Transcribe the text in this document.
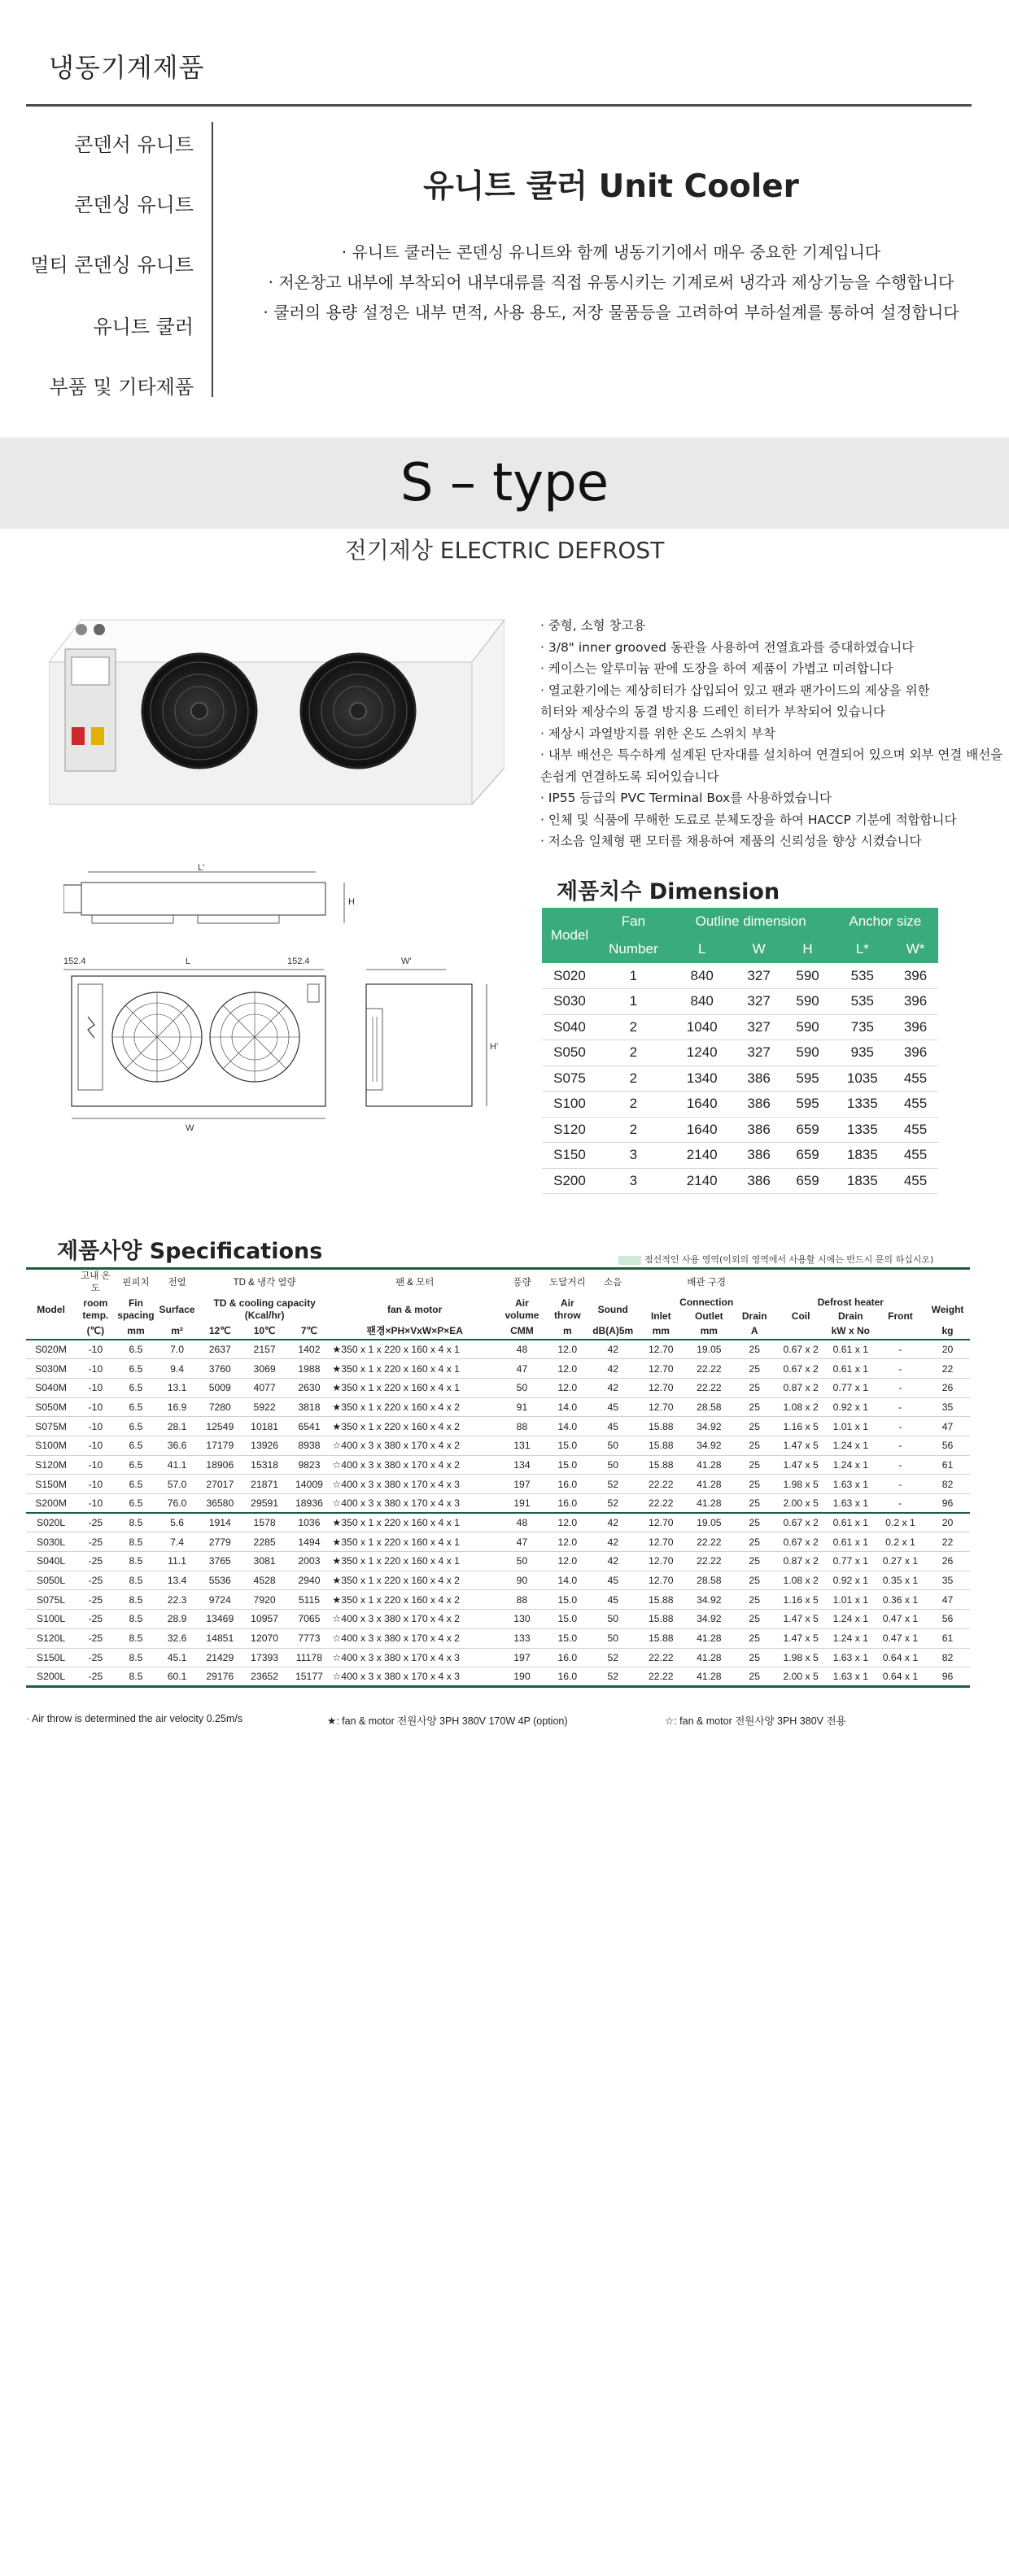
냉동기계제품
콘덴서 유니트
콘덴싱 유니트
멀티 콘덴싱 유니트
유니트 쿨러
부품 및 기타제품
유니트 쿨러 Unit Cooler

· 유니트 쿨러는 콘덴싱 유니트와 함께 냉동기기에서 매우 중요한 기계입니다

· 저온창고 내부에 부착되어 내부대류를 직접 유통시키는 기계로써 냉각과 제상기능을 수행합니다

· 쿨러의 용량 설정은 내부 면적, 사용 용도, 저장 물품등을 고려하여 부하설계를 통하여 설정합니다

S – type
전기제상 ELECTRIC DEFROST
L'
H
152.4	L	152.4
W
W'
H'
· 중형, 소형 창고용
· 3/8" inner grooved 동관을 사용하여 전열효과를 증대하였습니다
· 케이스는 알루미늄 판에 도장을 하여 제품이 가볍고 미려합니다
· 열교환기에는 제상히터가 삽입되어 있고 팬과 팬가이드의 제상을 위한
히터와 제상수의 동결 방지용 드레인 히터가 부착되어 있습니다
· 제상시 과열방지를 위한 온도 스위치 부착
· 내부 배선은 특수하게 설계된 단자대를 설치하여 연결되어 있으며 외부 연결 배선을
손쉽게 연결하도록 되어있습니다
· IP55 등급의 PVC Terminal Box를 사용하였습니다
· 인체 및 식품에 무해한 도료로 분체도장을 하여 HACCP 기분에 적합합니다
· 저소음 일체형 팬 모터를 채용하여 제품의 신뢰성을 향상 시켰습니다
제품치수 Dimension
Model	Fan	Outline dimension			Anchor size	
	Number	L	W	H	L*	W*
S020	1	840	327	590	535	396
S030	1	840	327	590	535	396
S040	2	1040	327	590	735	396
S050	2	1240	327	590	935	396
S075	2	1340	386	595	1035	455
S100	2	1640	386	595	1335	455
S120	2	1640	386	659	1335	455
S150	3	2140	386	659	1835	455
S200	3	2140	386	659	1835	455
제품사양 Specifications	점선적인 사용 영역(이외의 영역에서 사용할 시에는 반드시 문의 하십시오)
	고내 온도	핀피치	전열	TD & 냉각 열량			팬 & 모터	풍량	도달거리	소음	배관 구경						
Model	room temp.	Fin spacing	Surface	TD & cooling capacity (Kcal/hr)			fan & motor	Air volume	Air throw	Sound	Connection			Defrost heater			Weight
											Inlet	Outlet	Drain	Coil	Drain	Front	
	(℃)	mm	m²	12℃	10℃	7℃	팬경×PH×VxW×P×EA	CMM	m	dB(A)5m	mm	mm	A	kW x No			kg
S020M	-10	6.5	7.0	2637	2157	1402	★350 x 1 x 220 x 160 x 4 x 1	48	12.0	42	12.70	19.05	25	0.67 x 2	0.61 x 1	-	20
S030M	-10	6.5	9.4	3760	3069	1988	★350 x 1 x 220 x 160 x 4 x 1	47	12.0	42	12.70	22.22	25	0.67 x 2	0.61 x 1	-	22
S040M	-10	6.5	13.1	5009	4077	2630	★350 x 1 x 220 x 160 x 4 x 1	50	12.0	42	12.70	22.22	25	0.87 x 2	0.77 x 1	-	26
S050M	-10	6.5	16.9	7280	5922	3818	★350 x 1 x 220 x 160 x 4 x 2	91	14.0	45	12.70	28.58	25	1.08 x 2	0.92 x 1	-	35
S075M	-10	6.5	28.1	12549	10181	6541	★350 x 1 x 220 x 160 x 4 x 2	88	14.0	45	15.88	34.92	25	1.16 x 5	1.01 x 1	-	47
S100M	-10	6.5	36.6	17179	13926	8938	☆400 x 3 x 380 x 170 x 4 x 2	131	15.0	50	15.88	34.92	25	1.47 x 5	1.24 x 1	-	56
S120M	-10	6.5	41.1	18906	15318	9823	☆400 x 3 x 380 x 170 x 4 x 2	134	15.0	50	15.88	41.28	25	1.47 x 5	1.24 x 1	-	61
S150M	-10	6.5	57.0	27017	21871	14009	☆400 x 3 x 380 x 170 x 4 x 3	197	16.0	52	22.22	41.28	25	1.98 x 5	1.63 x 1	-	82
S200M	-10	6.5	76.0	36580	29591	18936	☆400 x 3 x 380 x 170 x 4 x 3	191	16.0	52	22.22	41.28	25	2.00 x 5	1.63 x 1	-	96
S020L	-25	8.5	5.6	1914	1578	1036	★350 x 1 x 220 x 160 x 4 x 1	48	12.0	42	12.70	19.05	25	0.67 x 2	0.61 x 1	0.2 x 1	20
S030L	-25	8.5	7.4	2779	2285	1494	★350 x 1 x 220 x 160 x 4 x 1	47	12.0	42	12.70	22.22	25	0.67 x 2	0.61 x 1	0.2 x 1	22
S040L	-25	8.5	11.1	3765	3081	2003	★350 x 1 x 220 x 160 x 4 x 1	50	12.0	42	12.70	22.22	25	0.87 x 2	0.77 x 1	0.27 x 1	26
S050L	-25	8.5	13.4	5536	4528	2940	★350 x 1 x 220 x 160 x 4 x 2	90	14.0	45	12.70	28.58	25	1.08 x 2	0.92 x 1	0.35 x 1	35
S075L	-25	8.5	22.3	9724	7920	5115	★350 x 1 x 220 x 160 x 4 x 2	88	15.0	45	15.88	34.92	25	1.16 x 5	1.01 x 1	0.36 x 1	47
S100L	-25	8.5	28.9	13469	10957	7065	☆400 x 3 x 380 x 170 x 4 x 2	130	15.0	50	15.88	34.92	25	1.47 x 5	1.24 x 1	0.47 x 1	56
S120L	-25	8.5	32.6	14851	12070	7773	☆400 x 3 x 380 x 170 x 4 x 2	133	15.0	50	15.88	41.28	25	1.47 x 5	1.24 x 1	0.47 x 1	61
S150L	-25	8.5	45.1	21429	17393	11178	☆400 x 3 x 380 x 170 x 4 x 3	197	16.0	52	22.22	41.28	25	1.98 x 5	1.63 x 1	0.64 x 1	82
S200L	-25	8.5	60.1	29176	23652	15177	☆400 x 3 x 380 x 170 x 4 x 3	190	16.0	52	22.22	41.28	25	2.00 x 5	1.63 x 1	0.64 x 1	96
· Air throw is determined the air velocity 0.25m/s	★: fan & motor 전원사양 3PH 380V 170W 4P (option)	☆: fan & motor 전원사양 3PH 380V 전용
